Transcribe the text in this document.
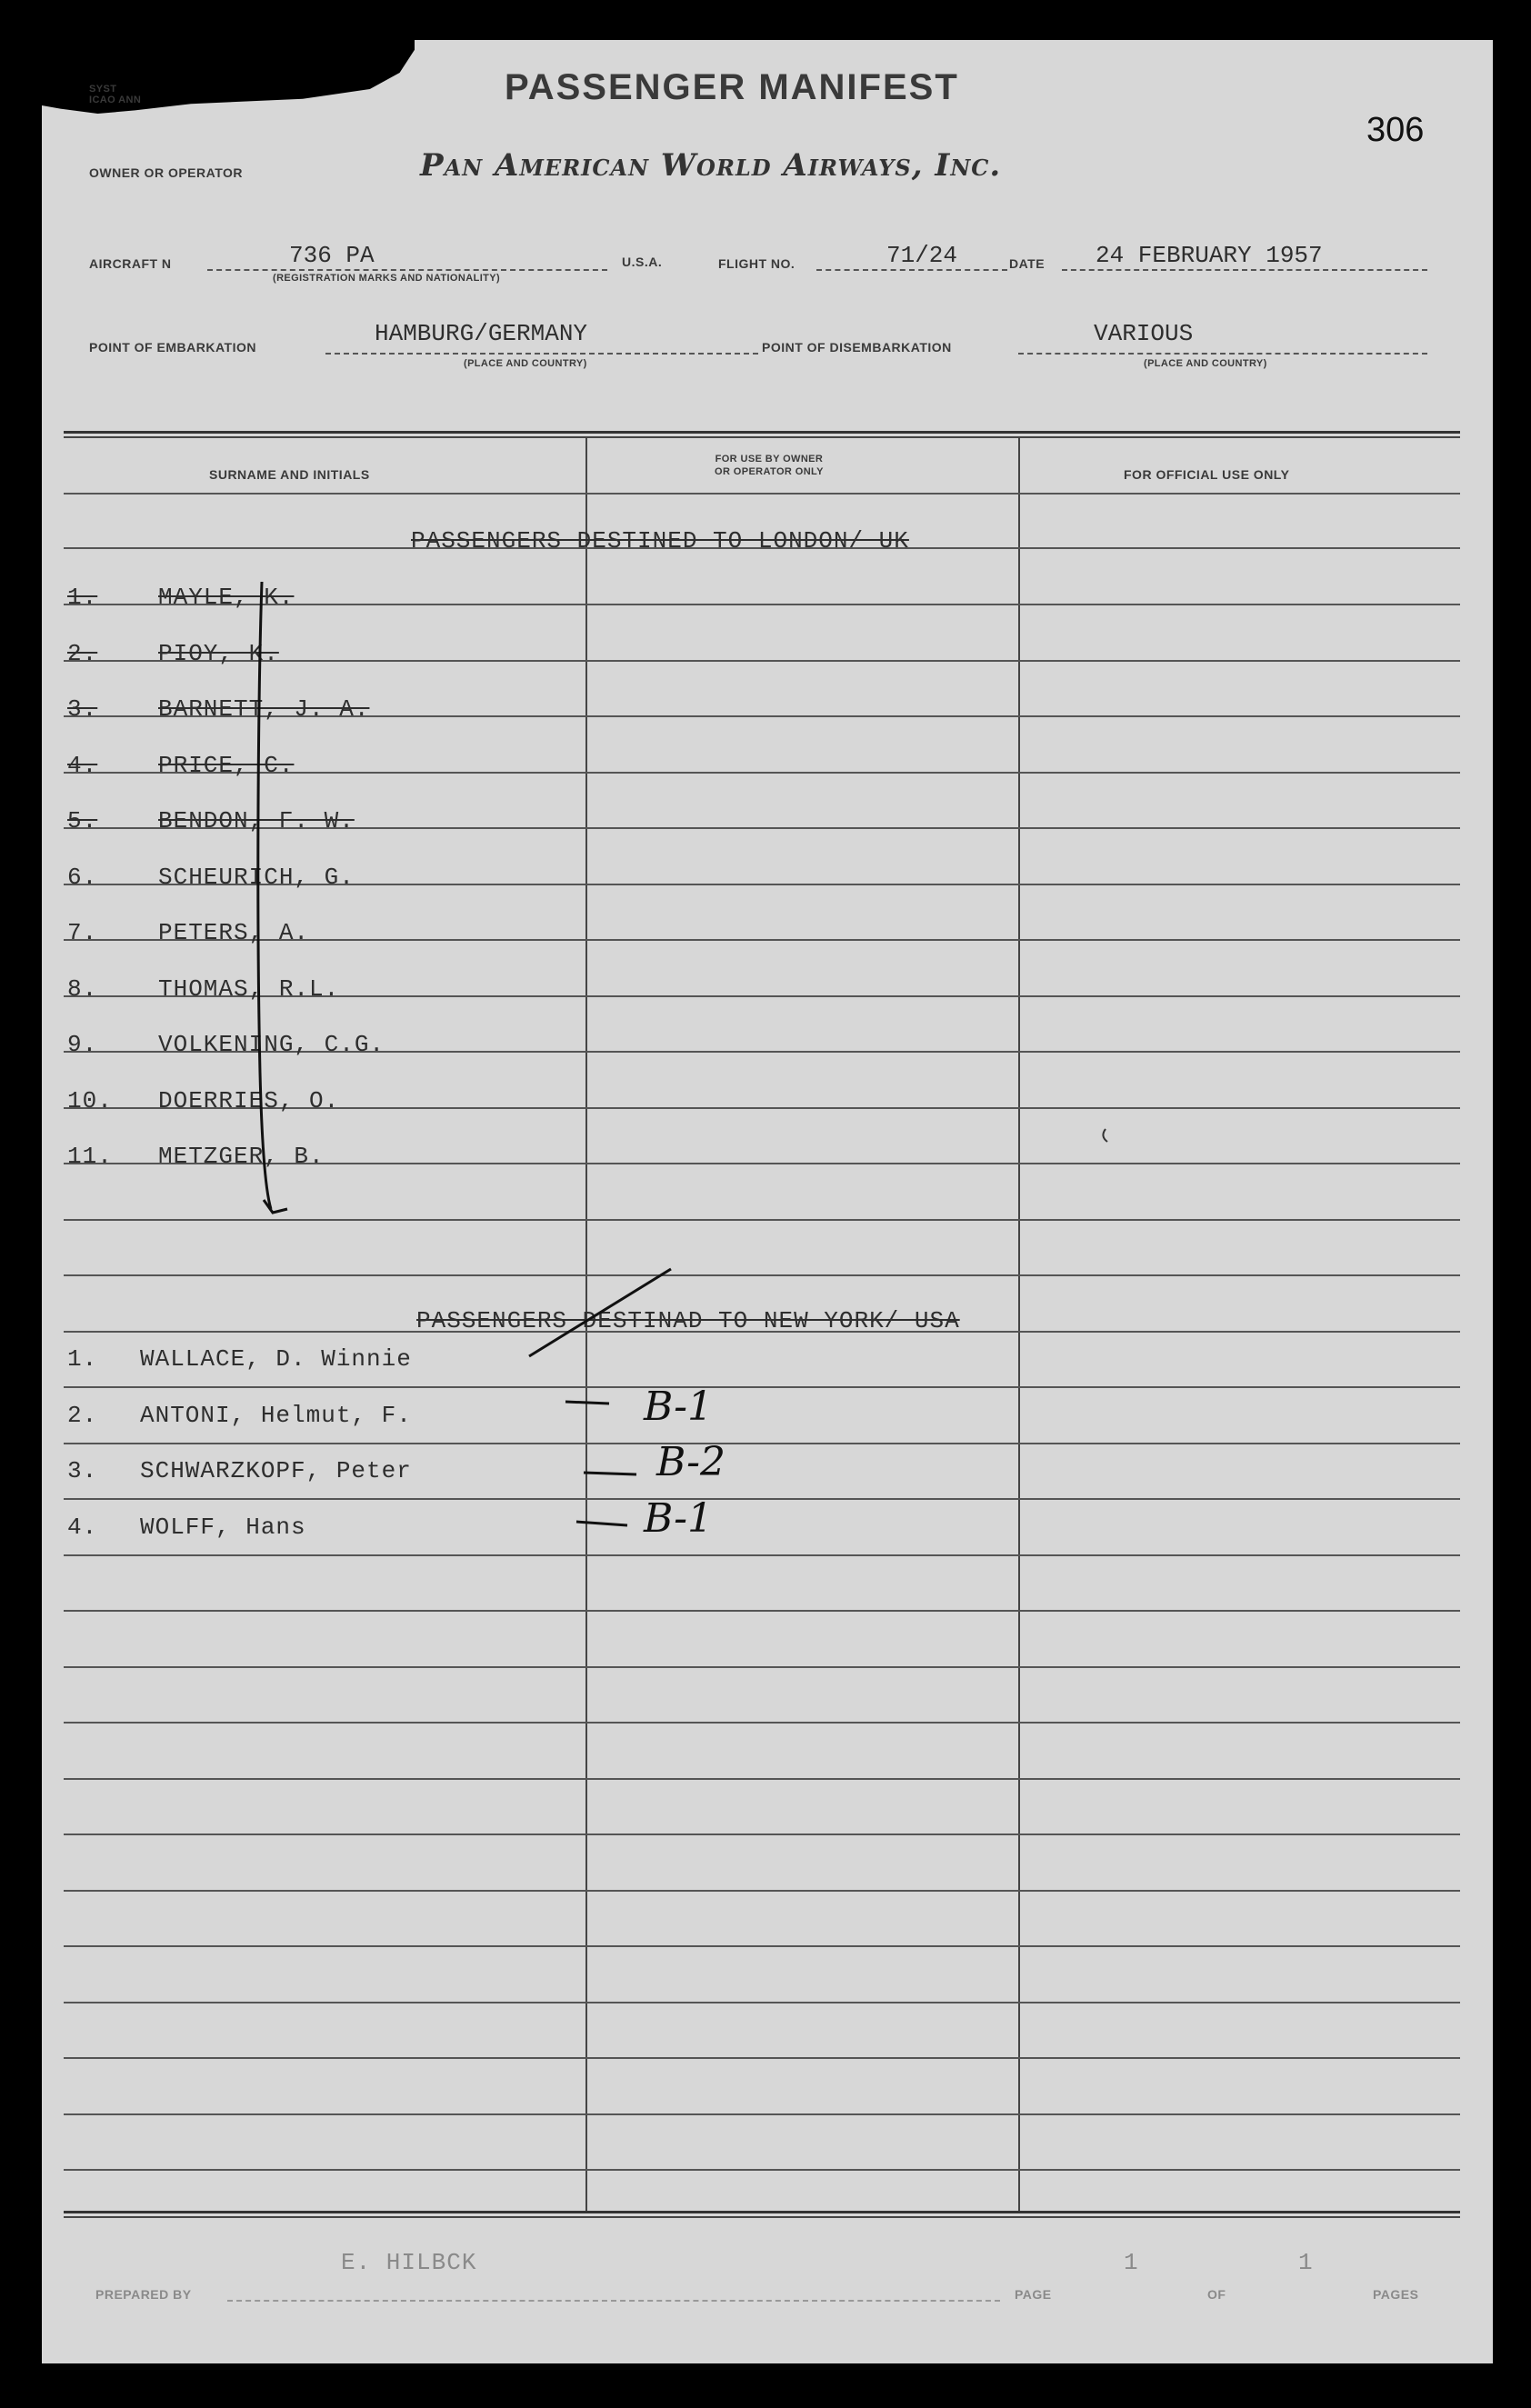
SYST
ICAO ANN	PASSENGER MANIFEST
306
OWNER OR OPERATOR	Pan American World Airways, Inc.
AIRCRAFT N	736 PA
(REGISTRATION MARKS AND NATIONALITY)
U.S.A.	FLIGHT NO.	71/24	DATE 24 FEBRUARY 1957
POINT OF EMBARKATION	HAMBURG/GERMANY
(PLACE AND COUNTRY)
POINT OF DISEMBARKATION	VARIOUS
(PLACE AND COUNTRY)
SURNAME AND INITIALS
FOR USE BY OWNER
OR OPERATOR ONLY	FOR OFFICIAL USE ONLY
PASSENGERS DESTINED TO LONDON/ UK
1.	MAYLE, K.
2.	PIOY, K.
3.	BARNETT, J. A.
4.	PRICE, C.
5.	BENDON, F. W.
6.	SCHEURICH, G.
7.	PETERS, A.
8.	THOMAS, R.L.
9.	VOLKENING, C.G.
10. DOERRIES, O.
11. METZGER, B.
PASSENGERS DESTINAD TO NEW YORK/ USA
1. WALLACE, D. Winnie
2. ANTONI, Helmut, F.	B-1
3. SCHWARZKOPF, Peter	B-2
4. WOLFF, Hans	B-1
PREPARED BY
E. HILBCK
PAGE
1
OF
1
PAGES
